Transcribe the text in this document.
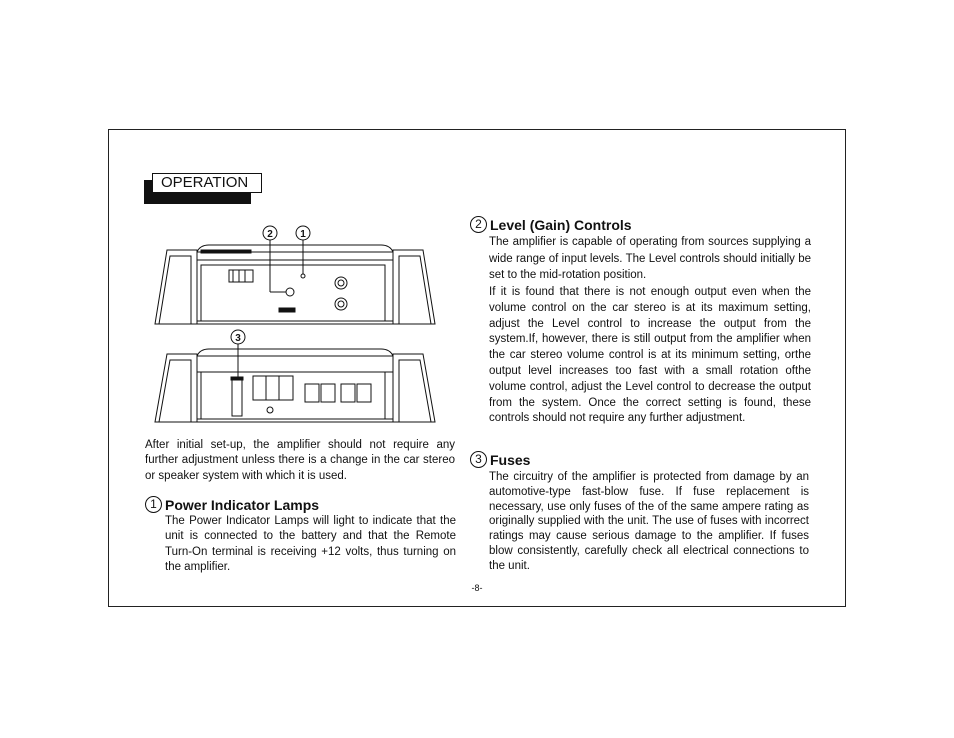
OPERATION
2	1
3

After initial set-up, the amplifier should not require any further adjustment unless there is a change in the car stereo or speaker system with which it is used.

1 Power Indicator Lamps

The Power Indicator Lamps will light to indicate that the unit is connected to the battery and that the Remote Turn-On terminal is receiving +12 volts, thus turning on the amplifier.

2 Level (Gain) Controls

The amplifier is capable of operating from sources supplying a wide range of input levels. The Level controls should initially be set to the mid-rotation position.

If it is found that there is not enough output even when the volume control on the car stereo is at its maximum setting, adjust the Level control to increase the output from the system.If, however, there is still output from the amplifier when the car stereo volume control is at its minimum setting, orthe output level increases too fast with a small rotation ofthe volume control, adjust the Level control to decrease the output from the system. Once the correct setting is found, these controls should not require any further adjustment.

3 Fuses

The circuitry of the amplifier is protected from damage by an automotive-type fast-blow fuse. If fuse replacement is necessary, use only fuses of the of the same ampere rating as originally supplied with the unit. The use of fuses with incorrect ratings may cause serious damage to the amplifier. If fuses blow consistently, carefully check all electrical connections to the unit.

-8-
